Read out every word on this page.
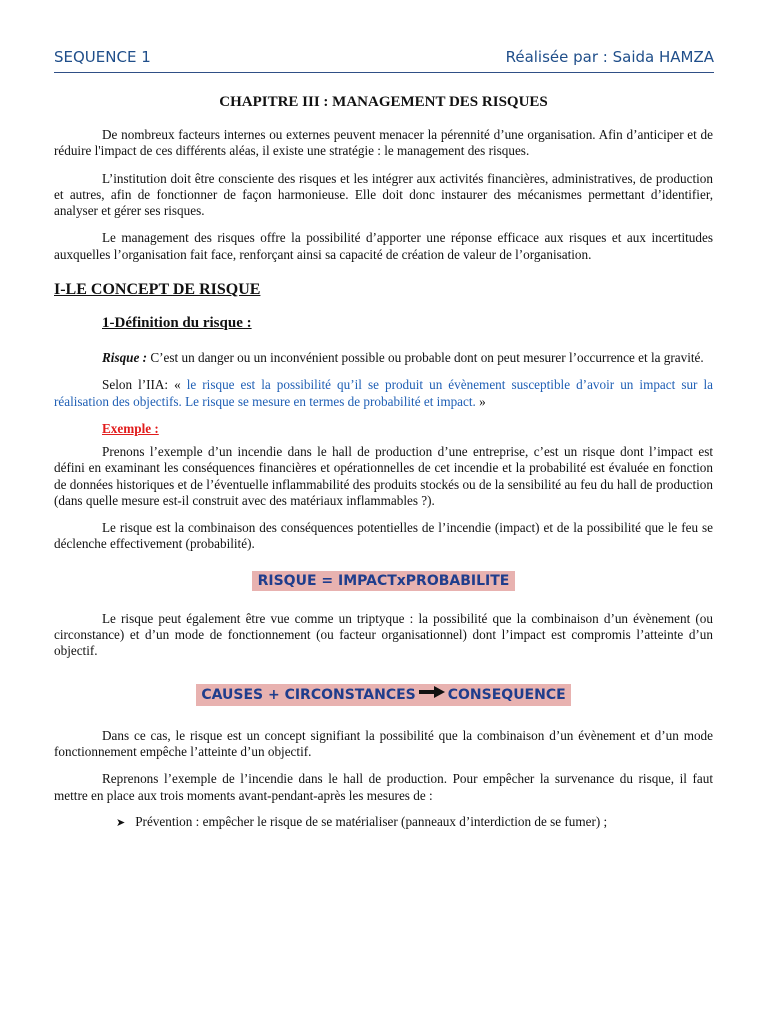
SEQUENCE 1	Réalisée par : Saida HAMZA
CHAPITRE III : MANAGEMENT DES RISQUES

De nombreux facteurs internes ou externes peuvent menacer la pérennité d’une organisation. Afin d’anticiper et de réduire l'impact de ces différents aléas, il existe une stratégie : le management des risques.

L’institution doit être consciente des risques et les intégrer aux activités financières, administratives, de production et autres, afin de fonctionner de façon harmonieuse. Elle doit donc instaurer des mécanismes permettant d’identifier, analyser et gérer ses risques.

Le management des risques offre la possibilité d’apporter une réponse efficace aux risques et aux incertitudes auxquelles l’organisation fait face, renforçant ainsi sa capacité de création de valeur de l’organisation.

I-LE CONCEPT DE RISQUE
1-Définition du risque :

Risque : C’est un danger ou un inconvénient possible ou probable dont on peut mesurer l’occurrence et la gravité.

Selon l’IIA: « le risque est la possibilité qu’il se produit un évènement susceptible d’avoir un impact sur la réalisation des objectifs. Le risque se mesure en termes de probabilité et impact. »

Exemple :

Prenons l’exemple d’un incendie dans le hall de production d’une entreprise, c’est un risque dont l’impact est défini en examinant les conséquences financières et opérationnelles de cet incendie et la probabilité est évaluée en fonction de données historiques et de l’éventuelle inflammabilité des produits stockés ou de la sensibilité au feu du hall de production (dans quelle mesure est-il construit avec des matériaux inflammables ?).

Le risque est la combinaison des conséquences potentielles de l’incendie (impact) et de la possibilité que le feu se déclenche effectivement (probabilité).

RISQUE = IMPACTxPROBABILITE

Le risque peut également être vue comme un triptyque : la possibilité que la combinaison d’un évènement (ou circonstance) et d’un mode de fonctionnement (ou facteur organisationnel) dont l’impact est compromis l’atteinte d’un objectif.

CAUSES + CIRCONSTANCES CONSEQUENCE

Dans ce cas, le risque est un concept signifiant la possibilité que la combinaison d’un évènement et d’un mode fonctionnement empêche l’atteinte d’un objectif.

Reprenons l’exemple de l’incendie dans le hall de production. Pour empêcher la survenance du risque, il faut mettre en place aux trois moments avant-pendant-après les mesures de :

➤ Prévention : empêcher le risque de se matérialiser (panneaux d’interdiction de se fumer) ;
